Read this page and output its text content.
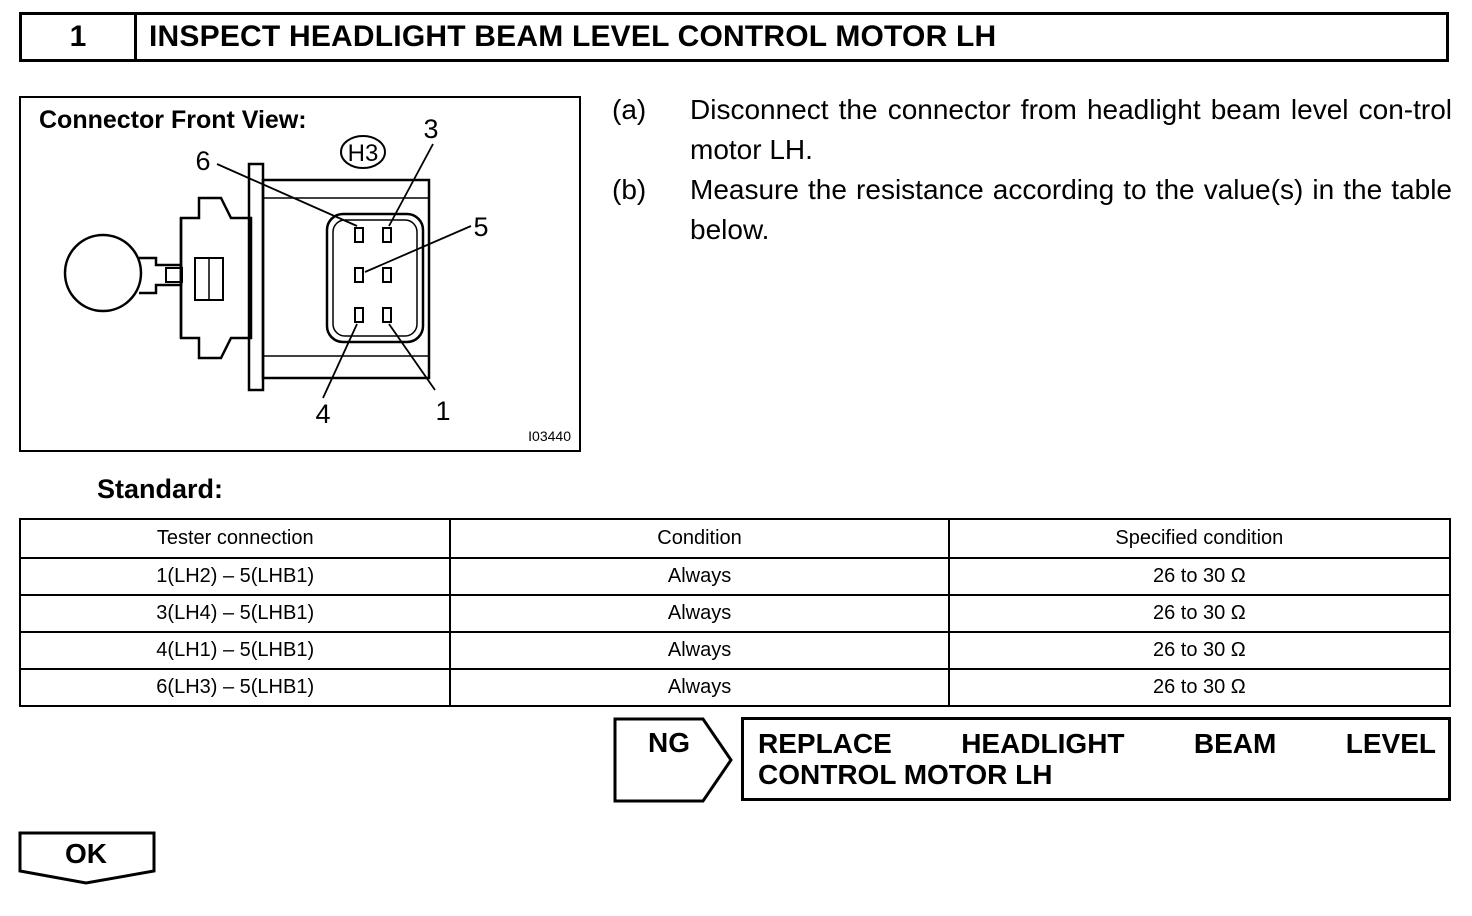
1	INSPECT HEADLIGHT BEAM LEVEL CONTROL MOTOR LH
H3
3
6
5
4	1
Connector Front View:
I03440
(a)	Disconnect the connector from headlight beam level con-trol motor LH.
(b)	Measure the resistance according to the value(s) in the table below.
Standard:
Tester connection	Condition	Specified condition
1(LH2) – 5(LHB1)	Always	26 to 30 Ω
3(LH4) – 5(LHB1)	Always	26 to 30 Ω
4(LH1) – 5(LHB1)	Always	26 to 30 Ω
6(LH3) – 5(LHB1)	Always	26 to 30 Ω
NG REPLACE HEADLIGHT BEAM LEVEL
CONTROL MOTOR LH
OK
